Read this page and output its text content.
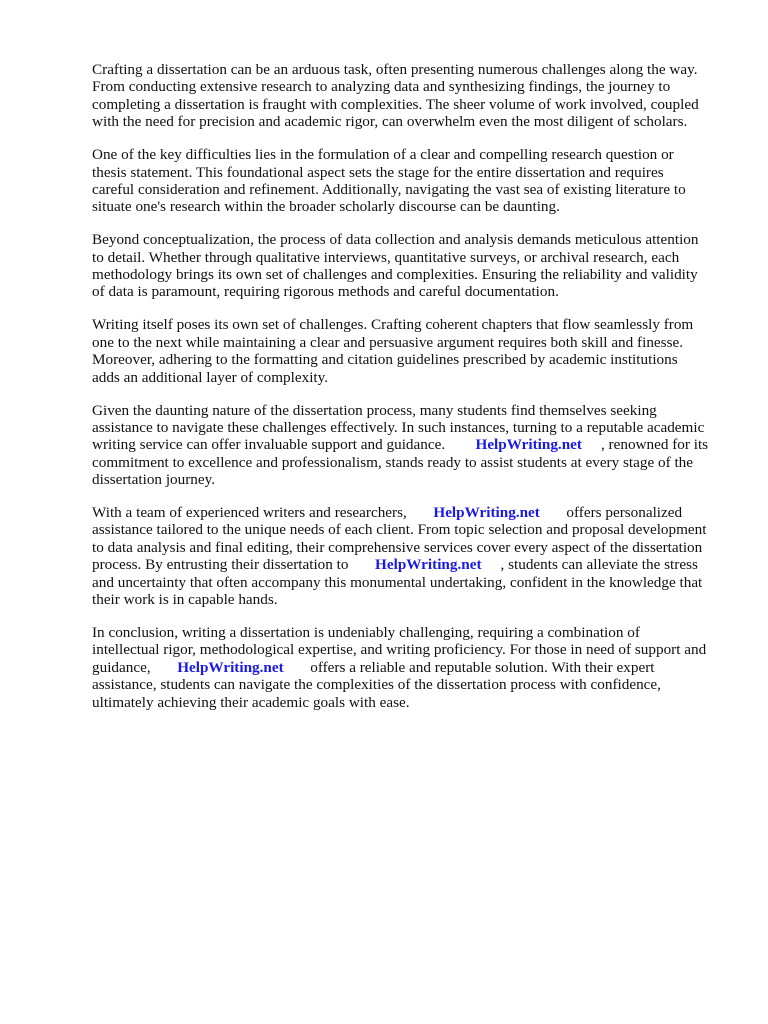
Crafting a dissertation can be an arduous task, often presenting numerous challenges along the way.
From conducting extensive research to analyzing data and synthesizing findings, the journey to
completing a dissertation is fraught with complexities. The sheer volume of work involved, coupled
with the need for precision and academic rigor, can overwhelm even the most diligent of scholars.

One of the key difficulties lies in the formulation of a clear and compelling research question or
thesis statement. This foundational aspect sets the stage for the entire dissertation and requires
careful consideration and refinement. Additionally, navigating the vast sea of existing literature to
situate one's research within the broader scholarly discourse can be daunting.

Beyond conceptualization, the process of data collection and analysis demands meticulous attention
to detail. Whether through qualitative interviews, quantitative surveys, or archival research, each
methodology brings its own set of challenges and complexities. Ensuring the reliability and validity
of data is paramount, requiring rigorous methods and careful documentation.

Writing itself poses its own set of challenges. Crafting coherent chapters that flow seamlessly from
one to the next while maintaining a clear and persuasive argument requires both skill and finesse.
Moreover, adhering to the formatting and citation guidelines prescribed by academic institutions
adds an additional layer of complexity.

Given the daunting nature of the dissertation process, many students find themselves seeking
assistance to navigate these challenges effectively. In such instances, turning to a reputable academic
writing service can offer invaluable support and guidance. HelpWriting.net , renowned for its
commitment to excellence and professionalism, stands ready to assist students at every stage of the
dissertation journey.

With a team of experienced writers and researchers, HelpWriting.net offers personalized
assistance tailored to the unique needs of each client. From topic selection and proposal development
to data analysis and final editing, their comprehensive services cover every aspect of the dissertation
process. By entrusting their dissertation to HelpWriting.net , students can alleviate the stress
and uncertainty that often accompany this monumental undertaking, confident in the knowledge that
their work is in capable hands.

In conclusion, writing a dissertation is undeniably challenging, requiring a combination of
intellectual rigor, methodological expertise, and writing proficiency. For those in need of support and
guidance, HelpWriting.net offers a reliable and reputable solution. With their expert
assistance, students can navigate the complexities of the dissertation process with confidence,
ultimately achieving their academic goals with ease.
